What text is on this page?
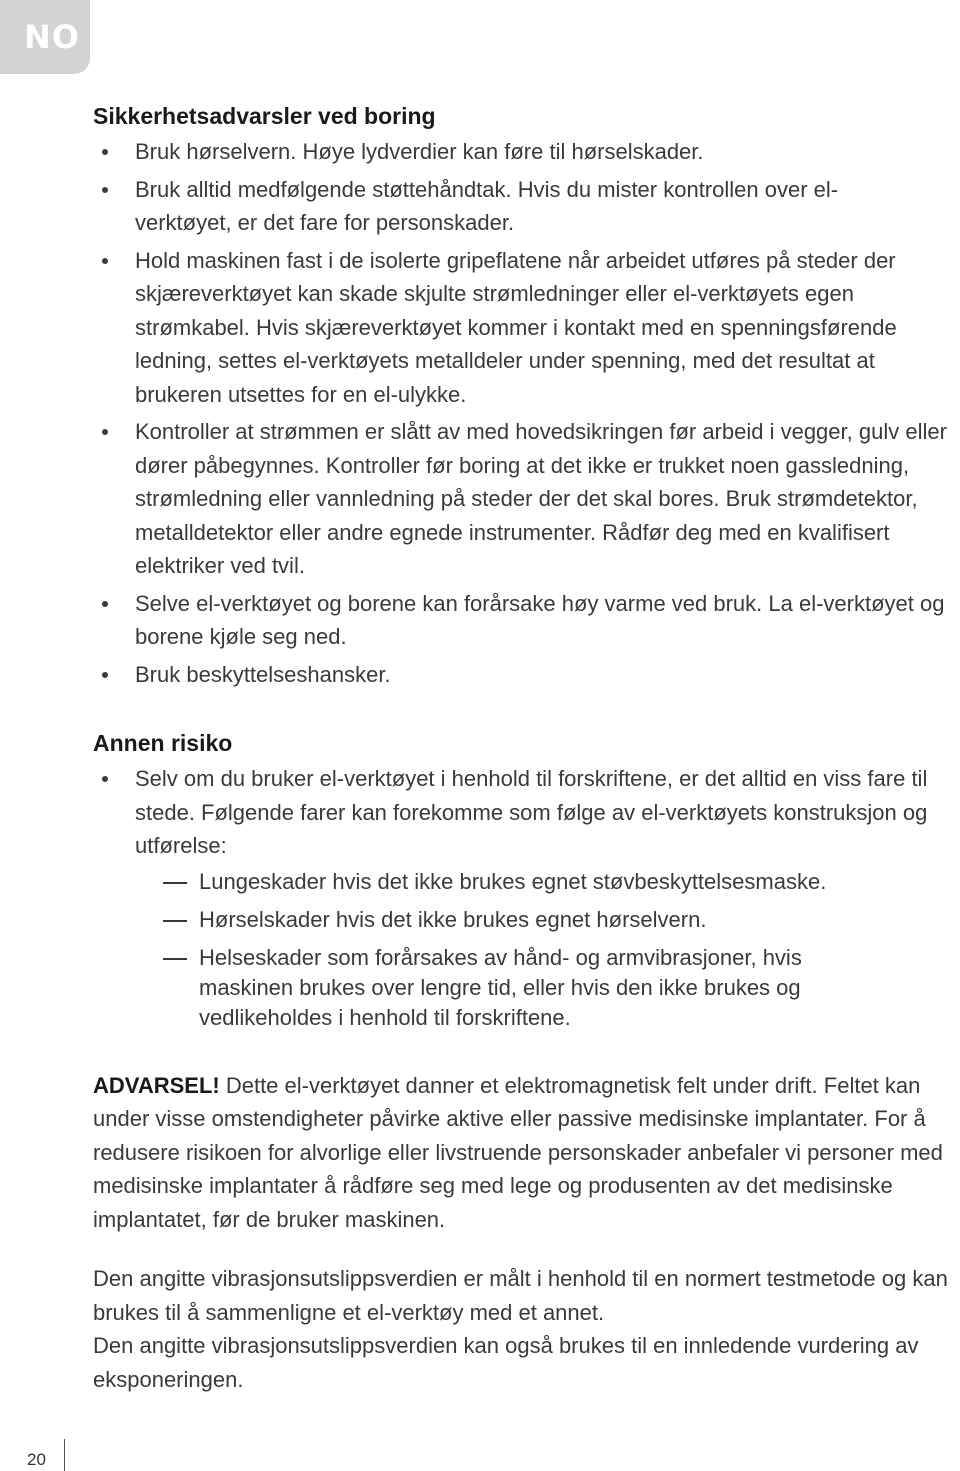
NO
Sikkerhetsadvarsler ved boring
Bruk hørselvern. Høye lydverdier kan føre til hørselskader.
Bruk alltid medfølgende støttehåndtak. Hvis du mister kontrollen over el-verktøyet, er det fare for personskader.
Hold maskinen fast i de isolerte gripeflatene når arbeidet utføres på steder der skjæreverktøyet kan skade skjulte strømledninger eller el-verktøyets egen strømkabel. Hvis skjæreverktøyet kommer i kontakt med en spenningsførende ledning, settes el-verktøyets metalldeler under spenning, med det resultat at brukeren utsettes for en el-ulykke.
Kontroller at strømmen er slått av med hovedsikringen før arbeid i vegger, gulv eller dører påbegynnes. Kontroller før boring at det ikke er trukket noen gassledning, strømledning eller vannledning på steder der det skal bores. Bruk strømdetektor, metalldetektor eller andre egnede instrumenter. Rådfør deg med en kvalifisert elektriker ved tvil.
Selve el-verktøyet og borene kan forårsake høy varme ved bruk. La el-verktøyet og borene kjøle seg ned.
Bruk beskyttelseshansker.
Annen risiko
Selv om du bruker el-verktøyet i henhold til forskriftene, er det alltid en viss fare til stede. Følgende farer kan forekomme som følge av el-verktøyets konstruksjon og utførelse:
Lungeskader hvis det ikke brukes egnet støvbeskyttelsesmaske.
Hørselskader hvis det ikke brukes egnet hørselvern.
Helseskader som forårsakes av hånd- og armvibrasjoner, hvis maskinen brukes over lengre tid, eller hvis den ikke brukes og vedlikeholdes i henhold til forskriftene.

ADVARSEL! Dette el-verktøyet danner et elektromagnetisk felt under drift. Feltet kan under visse omstendigheter påvirke aktive eller passive medisinske implantater. For å redusere risikoen for alvorlige eller livstruende personskader anbefaler vi personer med medisinske implantater å rådføre seg med lege og produsenten av det medisinske implantatet, før de bruker maskinen.

Den angitte vibrasjonsutslippsverdien er målt i henhold til en normert testmetode og kan brukes til å sammenligne et el-verktøy med et annet.

Den angitte vibrasjonsutslippsverdien kan også brukes til en innledende vurdering av eksponeringen.

20
